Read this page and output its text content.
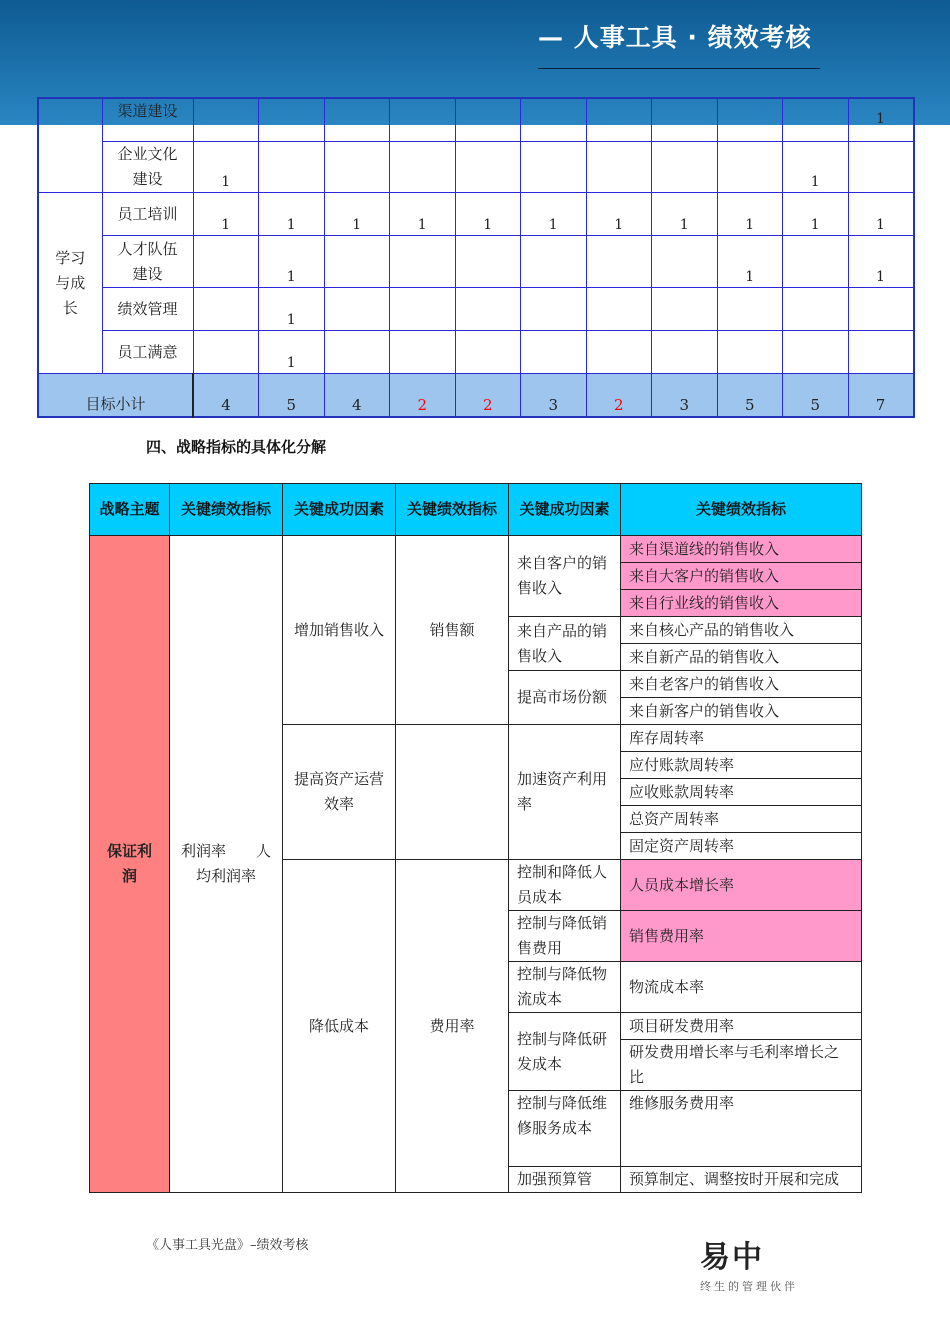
— 人事工具 · 绩效考核
	渠道建设											1
	企业文化建设	1									1	
学习与成长	员工培训	1	1	1	1	1	1	1	1	1	1	1
	人才队伍建设		1							1		1
	绩效管理		1									
	员工满意		1									
目标小计		4	5	4	2	2	3	2	3	5	5	7
四、战略指标的具体化分解
战略主题	关键绩效指标	关键成功因素	关键绩效指标	关键成功因素	关键绩效指标
保证利润	利润率　　人均利润率	增加销售收入	销售额	来自客户的销售收入	来自渠道线的销售收入
					来自大客户的销售收入
					来自行业线的销售收入
				来自产品的销售收入	来自核心产品的销售收入
					来自新产品的销售收入
				提高市场份额	来自老客户的销售收入
					来自新客户的销售收入
		提高资产运营效率		加速资产利用率	库存周转率
					应付账款周转率
					应收账款周转率
					总资产周转率
					固定资产周转率
		降低成本	费用率	控制和降低人员成本	人员成本增长率
				控制与降低销售费用	销售费用率
				控制与降低物流成本	物流成本率
				控制与降低研发成本	项目研发费用率
					研发费用增长率与毛利率增长之比
				控制与降低维修服务成本	维修服务费用率
				加强预算管	预算制定、调整按时开展和完成
《人事工具光盘》–绩效考核	易中
终生的管理伙伴
